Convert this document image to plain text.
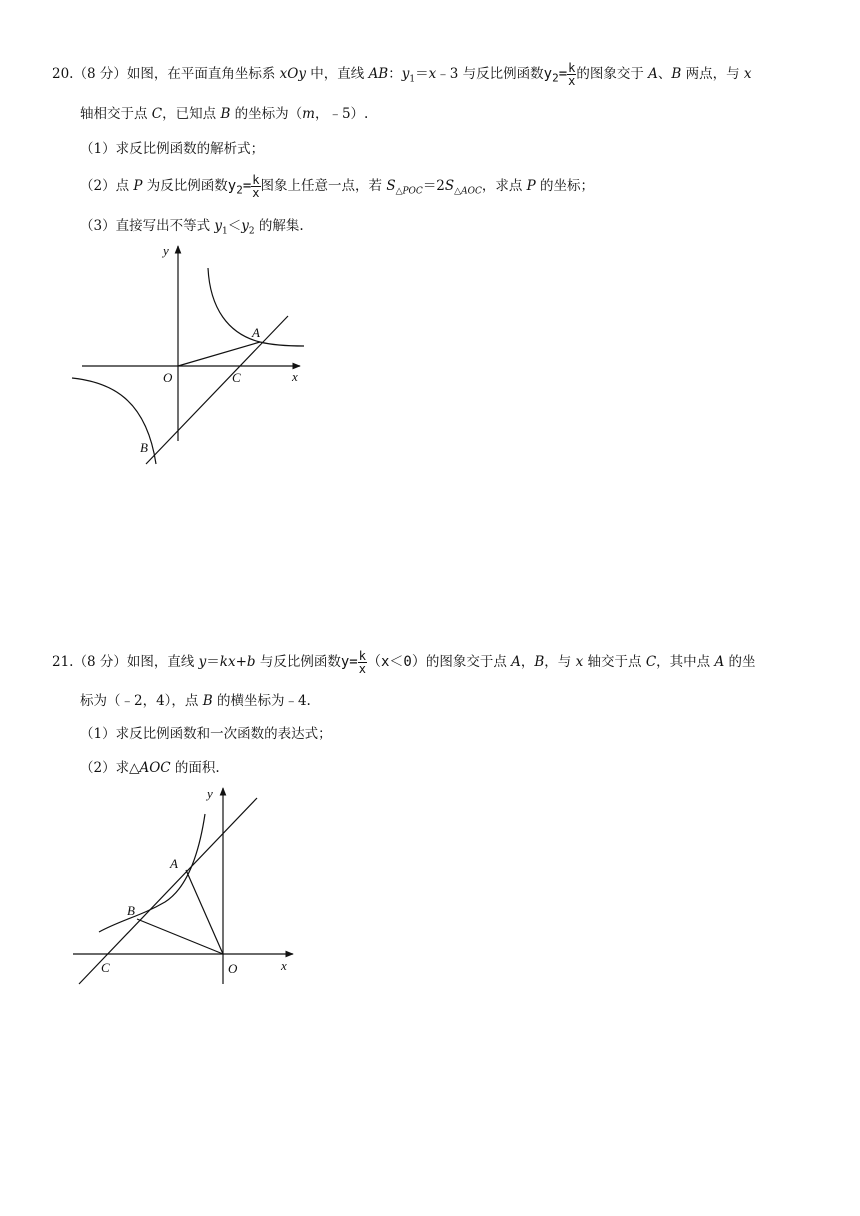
20.（8 分）如图，在平面直角坐标系 xOy 中，直线 AB：$y_1=x﹣3$ 与反比例函数$y_2= \frac{k}{x}$ 的图象交于 A、B 两点，与 x
轴相交于点 C，已知点 B 的坐标为（m，﹣5）.
（1）求反比例函数的解析式；
（2）点 P 为反比例函数$y_2= \frac{k}{x}$ 图象上任意一点，若 $S_{\triangle POC}=2S_{\triangle AOC}$，求点 P 的坐标；
（3）直接写出不等式 $y_1<y_2$ 的解集.
y
x
O	C
A
B
21.（8 分）如图，直线 y＝kx+b 与反比例函数$y= \frac{k}{x} (x<0)$的图象交于点 A，B，与 x 轴交于点 C，其中点 A 的坐
标为（﹣2，4），点 B 的横坐标为﹣4.
（1）求反比例函数和一次函数的表达式；
（2）求△AOC 的面积.
y
x
O
C
A
B
